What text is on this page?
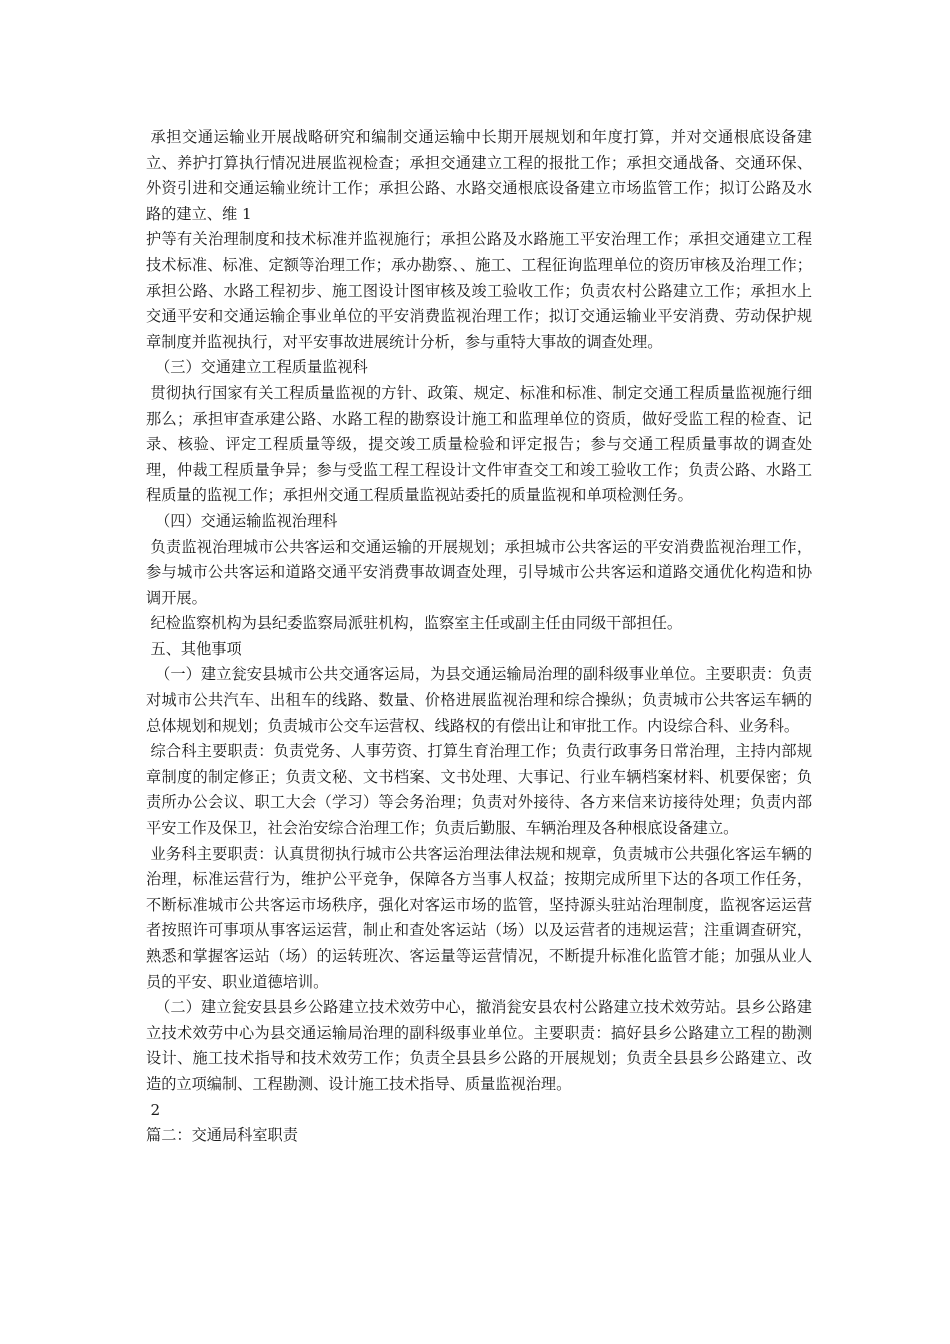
承担交通运输业开展战略研究和编制交通运输中长期开展规划和年度打算，并对交通根底设备建立、养护打算执行情况进展监视检查；承担交通建立工程的报批工作；承担交通战备、交通环保、外资引进和交通运输业统计工作；承担公路、水路交通根底设备建立市场监管工作；拟订公路及水路的建立、维 1

护等有关治理制度和技术标准并监视施行；承担公路及水路施工平安治理工作；承担交通建立工程技术标准、标准、定额等治理工作；承办勘察、、施工、工程征询监理单位的资历审核及治理工作；承担公路、水路工程初步、施工图设计图审核及竣工验收工作；负责农村公路建立工作；承担水上交通平安和交通运输企事业单位的平安消费监视治理工作；拟订交通运输业平安消费、劳动保护规章制度并监视执行，对平安事故进展统计分析，参与重特大事故的调查处理。

（三）交通建立工程质量监视科

贯彻执行国家有关工程质量监视的方针、政策、规定、标准和标准、制定交通工程质量监视施行细那么；承担审查承建公路、水路工程的勘察设计施工和监理单位的资质，做好受监工程的检查、记录、核验、评定工程质量等级，提交竣工质量检验和评定报告；参与交通工程质量事故的调查处理，仲裁工程质量争异；参与受监工程工程设计文件审查交工和竣工验收工作；负责公路、水路工程质量的监视工作；承担州交通工程质量监视站委托的质量监视和单项检测任务。

（四）交通运输监视治理科

负责监视治理城市公共客运和交通运输的开展规划；承担城市公共客运的平安消费监视治理工作，参与城市公共客运和道路交通平安消费事故调查处理，引导城市公共客运和道路交通优化构造和协调开展。

纪检监察机构为县纪委监察局派驻机构，监察室主任或副主任由同级干部担任。

五、其他事项

（一）建立瓮安县城市公共交通客运局，为县交通运输局治理的副科级事业单位。主要职责：负责对城市公共汽车、出租车的线路、数量、价格进展监视治理和综合操纵；负责城市公共客运车辆的总体规划和规划；负责城市公交车运营权、线路权的有偿出让和审批工作。内设综合科、业务科。

综合科主要职责：负责党务、人事劳资、打算生育治理工作；负责行政事务日常治理，主持内部规章制度的制定修正；负责文秘、文书档案、文书处理、大事记、行业车辆档案材料、机要保密；负责所办公会议、职工大会（学习）等会务治理；负责对外接待、各方来信来访接待处理；负责内部平安工作及保卫，社会治安综合治理工作；负责后勤服、车辆治理及各种根底设备建立。

业务科主要职责：认真贯彻执行城市公共客运治理法律法规和规章，负责城市公共强化客运车辆的治理，标准运营行为，维护公平竞争，保障各方当事人权益；按期完成所里下达的各项工作任务，不断标准城市公共客运市场秩序，强化对客运市场的监管，坚持源头驻站治理制度，监视客运运营者按照许可事项从事客运运营，制止和查处客运站（场）以及运营者的违规运营；注重调查研究，熟悉和掌握客运站（场）的运转班次、客运量等运营情况，不断提升标准化监管才能；加强从业人员的平安、职业道德培训。

（二）建立瓮安县县乡公路建立技术效劳中心，撤消瓮安县农村公路建立技术效劳站。县乡公路建立技术效劳中心为县交通运输局治理的副科级事业单位。主要职责：搞好县乡公路建立工程的勘测设计、施工技术指导和技术效劳工作；负责全县县乡公路的开展规划；负责全县县乡公路建立、改造的立项编制、工程勘测、设计施工技术指导、质量监视治理。

2

篇二：交通局科室职责
